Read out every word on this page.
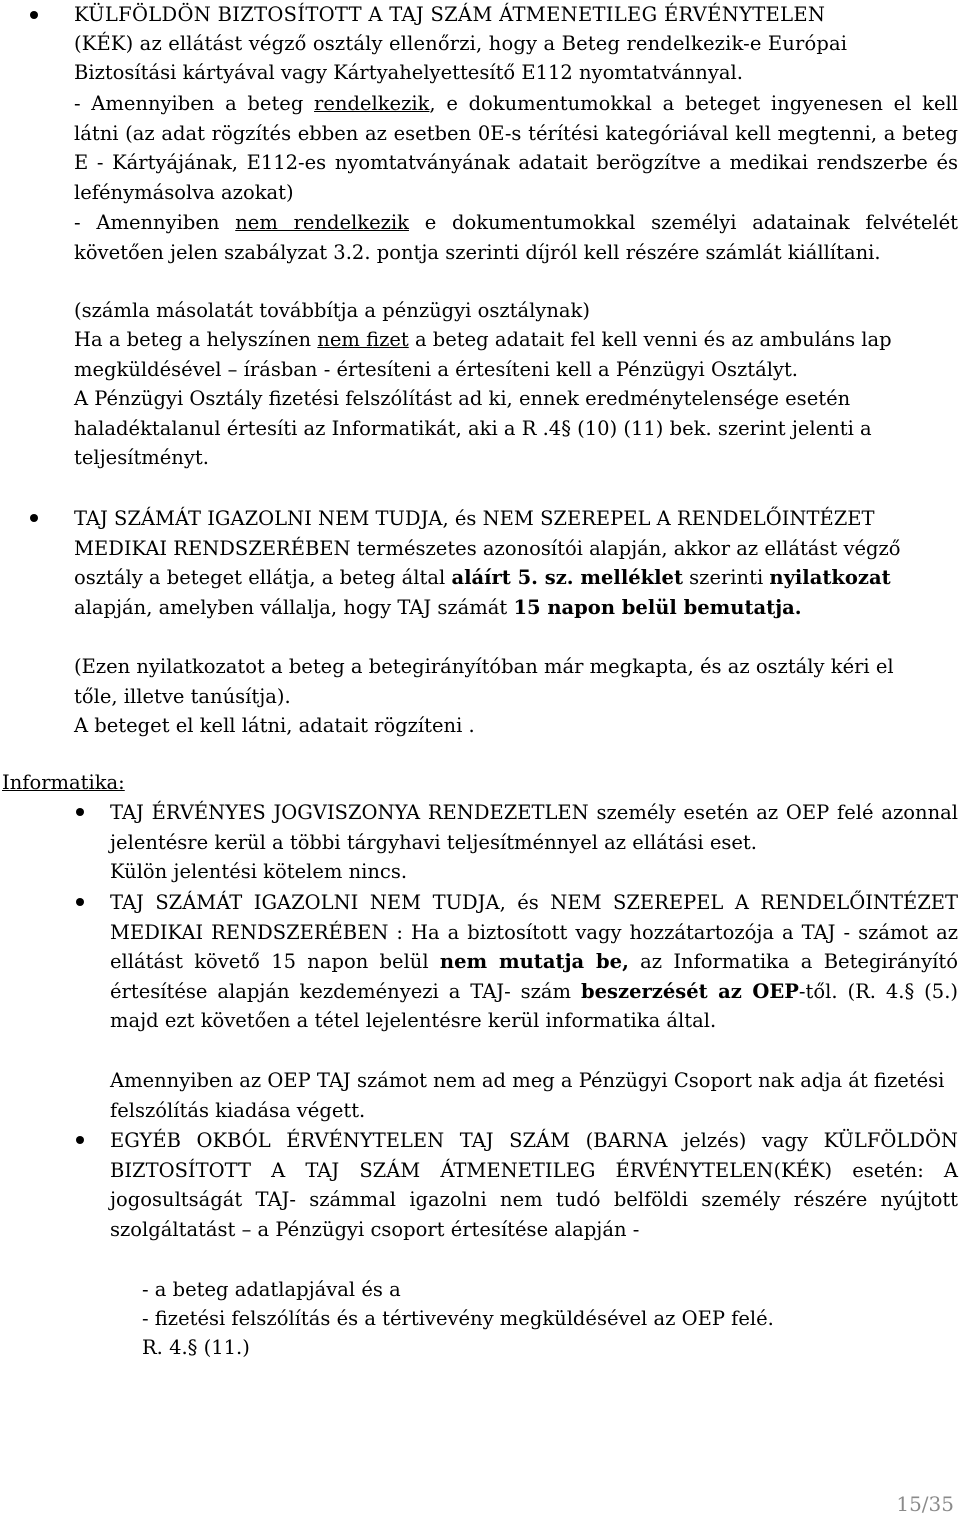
KÜLFÖLDÖN BIZTOSÍTOTT A TAJ SZÁM ÁTMENETILEG ÉRVÉNYTELEN
(KÉK) az ellátást végző osztály ellenőrzi, hogy a Beteg rendelkezik-e Európai
Biztosítási kártyával vagy Kártyahelyettesítő E112 nyomtatvánnyal.
- Amennyiben a beteg rendelkezik, e dokumentumokkal a beteget ingyenesen el kell látni (az adat rögzítés ebben az esetben 0E-s térítési kategóriával kell megtenni, a beteg E - Kártyájának, E112-es nyomtatványának adatait berögzítve a medikai rendszerbe és lefénymásolva azokat)
- Amennyiben nem rendelkezik e dokumentumokkal személyi adatainak felvételét követően jelen szabályzat 3.2. pontja szerinti díjról kell részére számlát kiállítani.
(számla másolatát továbbítja a pénzügyi osztálynak)
Ha a beteg a helyszínen nem fizet a beteg adatait fel kell venni és az ambuláns lap megküldésével – írásban - értesíteni a értesíteni kell a Pénzügyi Osztályt.
A Pénzügyi Osztály fizetési felszólítást ad ki, ennek eredménytelensége esetén haladéktalanul értesíti az Informatikát, aki a R .4§ (10) (11) bek. szerint jelenti a teljesítményt.
TAJ SZÁMÁT IGAZOLNI NEM TUDJA, és NEM SZEREPEL A RENDELŐINTÉZET MEDIKAI RENDSZERÉBEN természetes azonosítói alapján, akkor az ellátást végző osztály a beteget ellátja, a beteg által aláírt 5. sz. melléklet szerinti nyilatkozat alapján, amelyben vállalja, hogy TAJ számát 15 napon belül bemutatja.
(Ezen nyilatkozatot a beteg a betegirányítóban már megkapta, és az osztály kéri el tőle, illetve tanúsítja).
A beteget el kell látni, adatait rögzíteni .
Informatika:
TAJ ÉRVÉNYES JOGVISZONYA RENDEZETLEN személy esetén az OEP felé azonnal jelentésre kerül a többi tárgyhavi teljesítménnyel az ellátási eset.
Külön jelentési kötelem nincs.
TAJ SZÁMÁT IGAZOLNI NEM TUDJA, és NEM SZEREPEL A RENDELŐINTÉZET MEDIKAI RENDSZERÉBEN : Ha a biztosított vagy hozzátartozója a TAJ - számot az ellátást követő 15 napon belül nem mutatja be, az Informatika a Betegirányító értesítése alapján kezdeményezi a TAJ- szám beszerzését az OEP-től. (R. 4.§ (5.) majd ezt követően a tétel lejelentésre kerül informatika által.
Amennyiben az OEP TAJ számot nem ad meg a Pénzügyi Csoport nak adja át fizetési felszólítás kiadása végett.
EGYÉB OKBÓL ÉRVÉNYTELEN TAJ SZÁM (BARNA jelzés) vagy KÜLFÖLDÖN BIZTOSÍTOTT A TAJ SZÁM ÁTMENETILEG ÉRVÉNYTELEN(KÉK) esetén: A jogosultságát TAJ- számmal igazolni nem tudó belföldi személy részére nyújtott szolgáltatást – a Pénzügyi csoport értesítése alapján -
- a beteg adatlapjával és a
- fizetési felszólítás és a tértivevény megküldésével az OEP felé.
R. 4.§ (11.)
15/35
